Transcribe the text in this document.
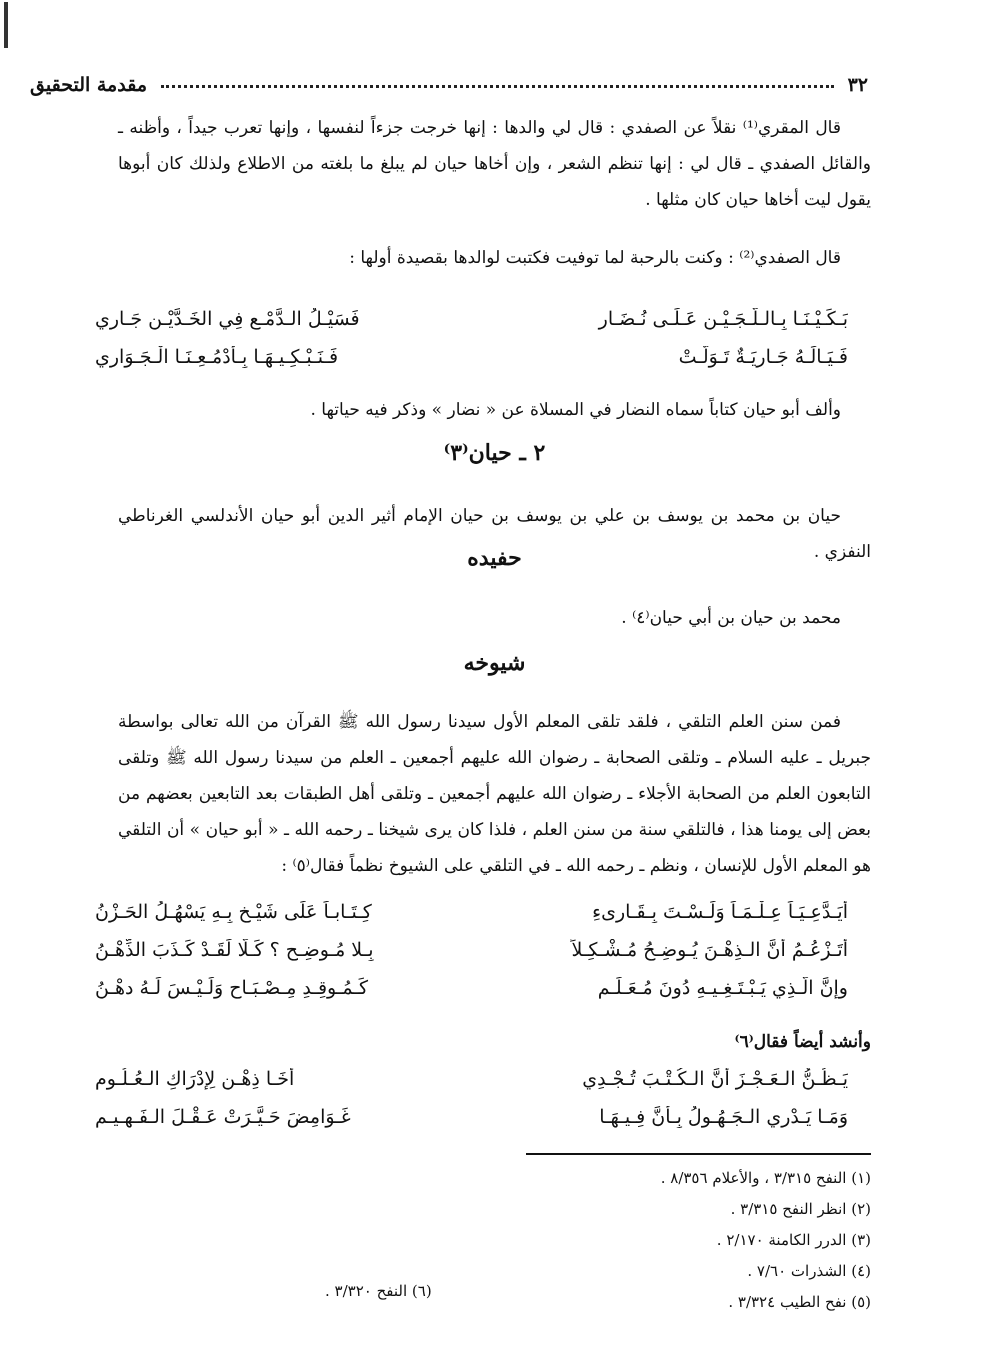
٣٢
مقدمة التحقيق

قال المقري⁽¹⁾ نقلاً عن الصفدي : قال لي والدها : إنها خرجت جزءاً لنفسها ، وإنها تعرب جيداً ، وأظنه ـ والقائل الصفدي ـ قال لي : إنها تنظم الشعر ، وإن أخاها حيان لم يبلغ ما بلغته من الاطلاع ولذلك كان أبوها يقول ليت أخاها حيان كان مثلها .

قال الصفدي⁽²⁾ : وكنت بالرحبة لما توفيت فكتبت لوالدها بقصيدة أولها :

بَـكَـيْـنَـا بِـالـلُّـجَـيْـنِ عَـلَـى نُـضَـارِ
فَسَيْـلُ الـدَّمْـعِ فِي الخَـدَّيْـنِ جَـارِي
فَـيَـالَـهُ جَـارِيَـةٌ تَـوَلَّـتْ
فَـنَـبْـكِـيـهَـا بِـأَدْمُـعِـنَـا الْـجَـوَارِي

وألف أبو حيان كتاباً سماه النضار في المسلاة عن « نضار » وذكر فيه حياتها .

٢ ـ حيان⁽٣⁾

حيان بن محمد بن يوسف بن علي بن يوسف بن حيان الإمام أثير الدين أبو حيان الأندلسي الغرناطي النفزي .

حفيده

محمد بن حيان بن أبي حيان⁽٤⁾ .

شيوخه

فمن سنن العلم التلقي ، فلقد تلقى المعلم الأول سيدنا رسول الله ﷺ القرآن من الله تعالى بواسطة جبريل ـ عليه السلام ـ وتلقى الصحابة ـ رضوان الله عليهم أجمعين ـ العلم من سيدنا رسول الله ﷺ وتلقى التابعون العلم من الصحابة الأجلاء ـ رضوان الله عليهم أجمعين ـ وتلقى أهل الطبقات بعد التابعين بعضهم من بعض إلى يومنا هذا ، فالتلقي سنة من سنن العلم ، فلذا كان يرى شيخنا ـ رحمه الله ـ « أبو حيان » أن التلقي هو المعلم الأول للإنسان ، ونظم ـ رحمه الله ـ في التلقي على الشيوخ نظماً فقال⁽٥⁾ :

أَيَـدَّعِـيَـاً عِـلْـمَـاً وَلَـسْـتَ بِـقَـارِىءِ
كِـتَـابـاً عَلَى شَيْـخٍ بِـهِ يَسْهُـلُ الحَـزْنُ
أَتَـزْعُـمُ أَنَّ الـذِهْـنَ يُـوضِـحُ مُـشْـكِـلاً
بِـلا مُـوضِـحٍ ؟ كَـلَّا لَقَـدْ كَـذَبَ الذِّهْـنُ
وإِنَّ الَّـذِي يَـبْـتَـغِـيـهِ دُونَ مُـعَـلِّـمٍ
كَـمُـوقِـدِ مِـصْـبَـاحٍ وَلَـيْـسَ لَـهُ دهْـنُ

وأنشد أيضاً فقال⁽٦⁾

يَـظُـنُّ الـعَـجْـزَ أَنَّ الـكُـتْـبَ تُـجْـدِي
أَخَـا ذِهْـنٍ لِإِدْرَاكِ الـعُـلُـومِ
وَمَـا يَـدْرِي الـجَـهُـولُ بِـأَنَّ فِـيـهَـا
غَـوَامِضَ حَـيَّـرَتْ عَـقْـلَ الـفَـهِـيـمِ
(١) النفح ٣/٣١٥ ، والأعلام ٨/٣٥٦ .
(٢) انظر النفح ٣/٣١٥ .
(٣) الدرر الكامنة ٢/١٧٠ .
(٤) الشذرات ٧/٦٠ .
(٥) نفح الطيب ٣/٣٢٤ .
(٦) النفح ٣/٣٢٠ .
